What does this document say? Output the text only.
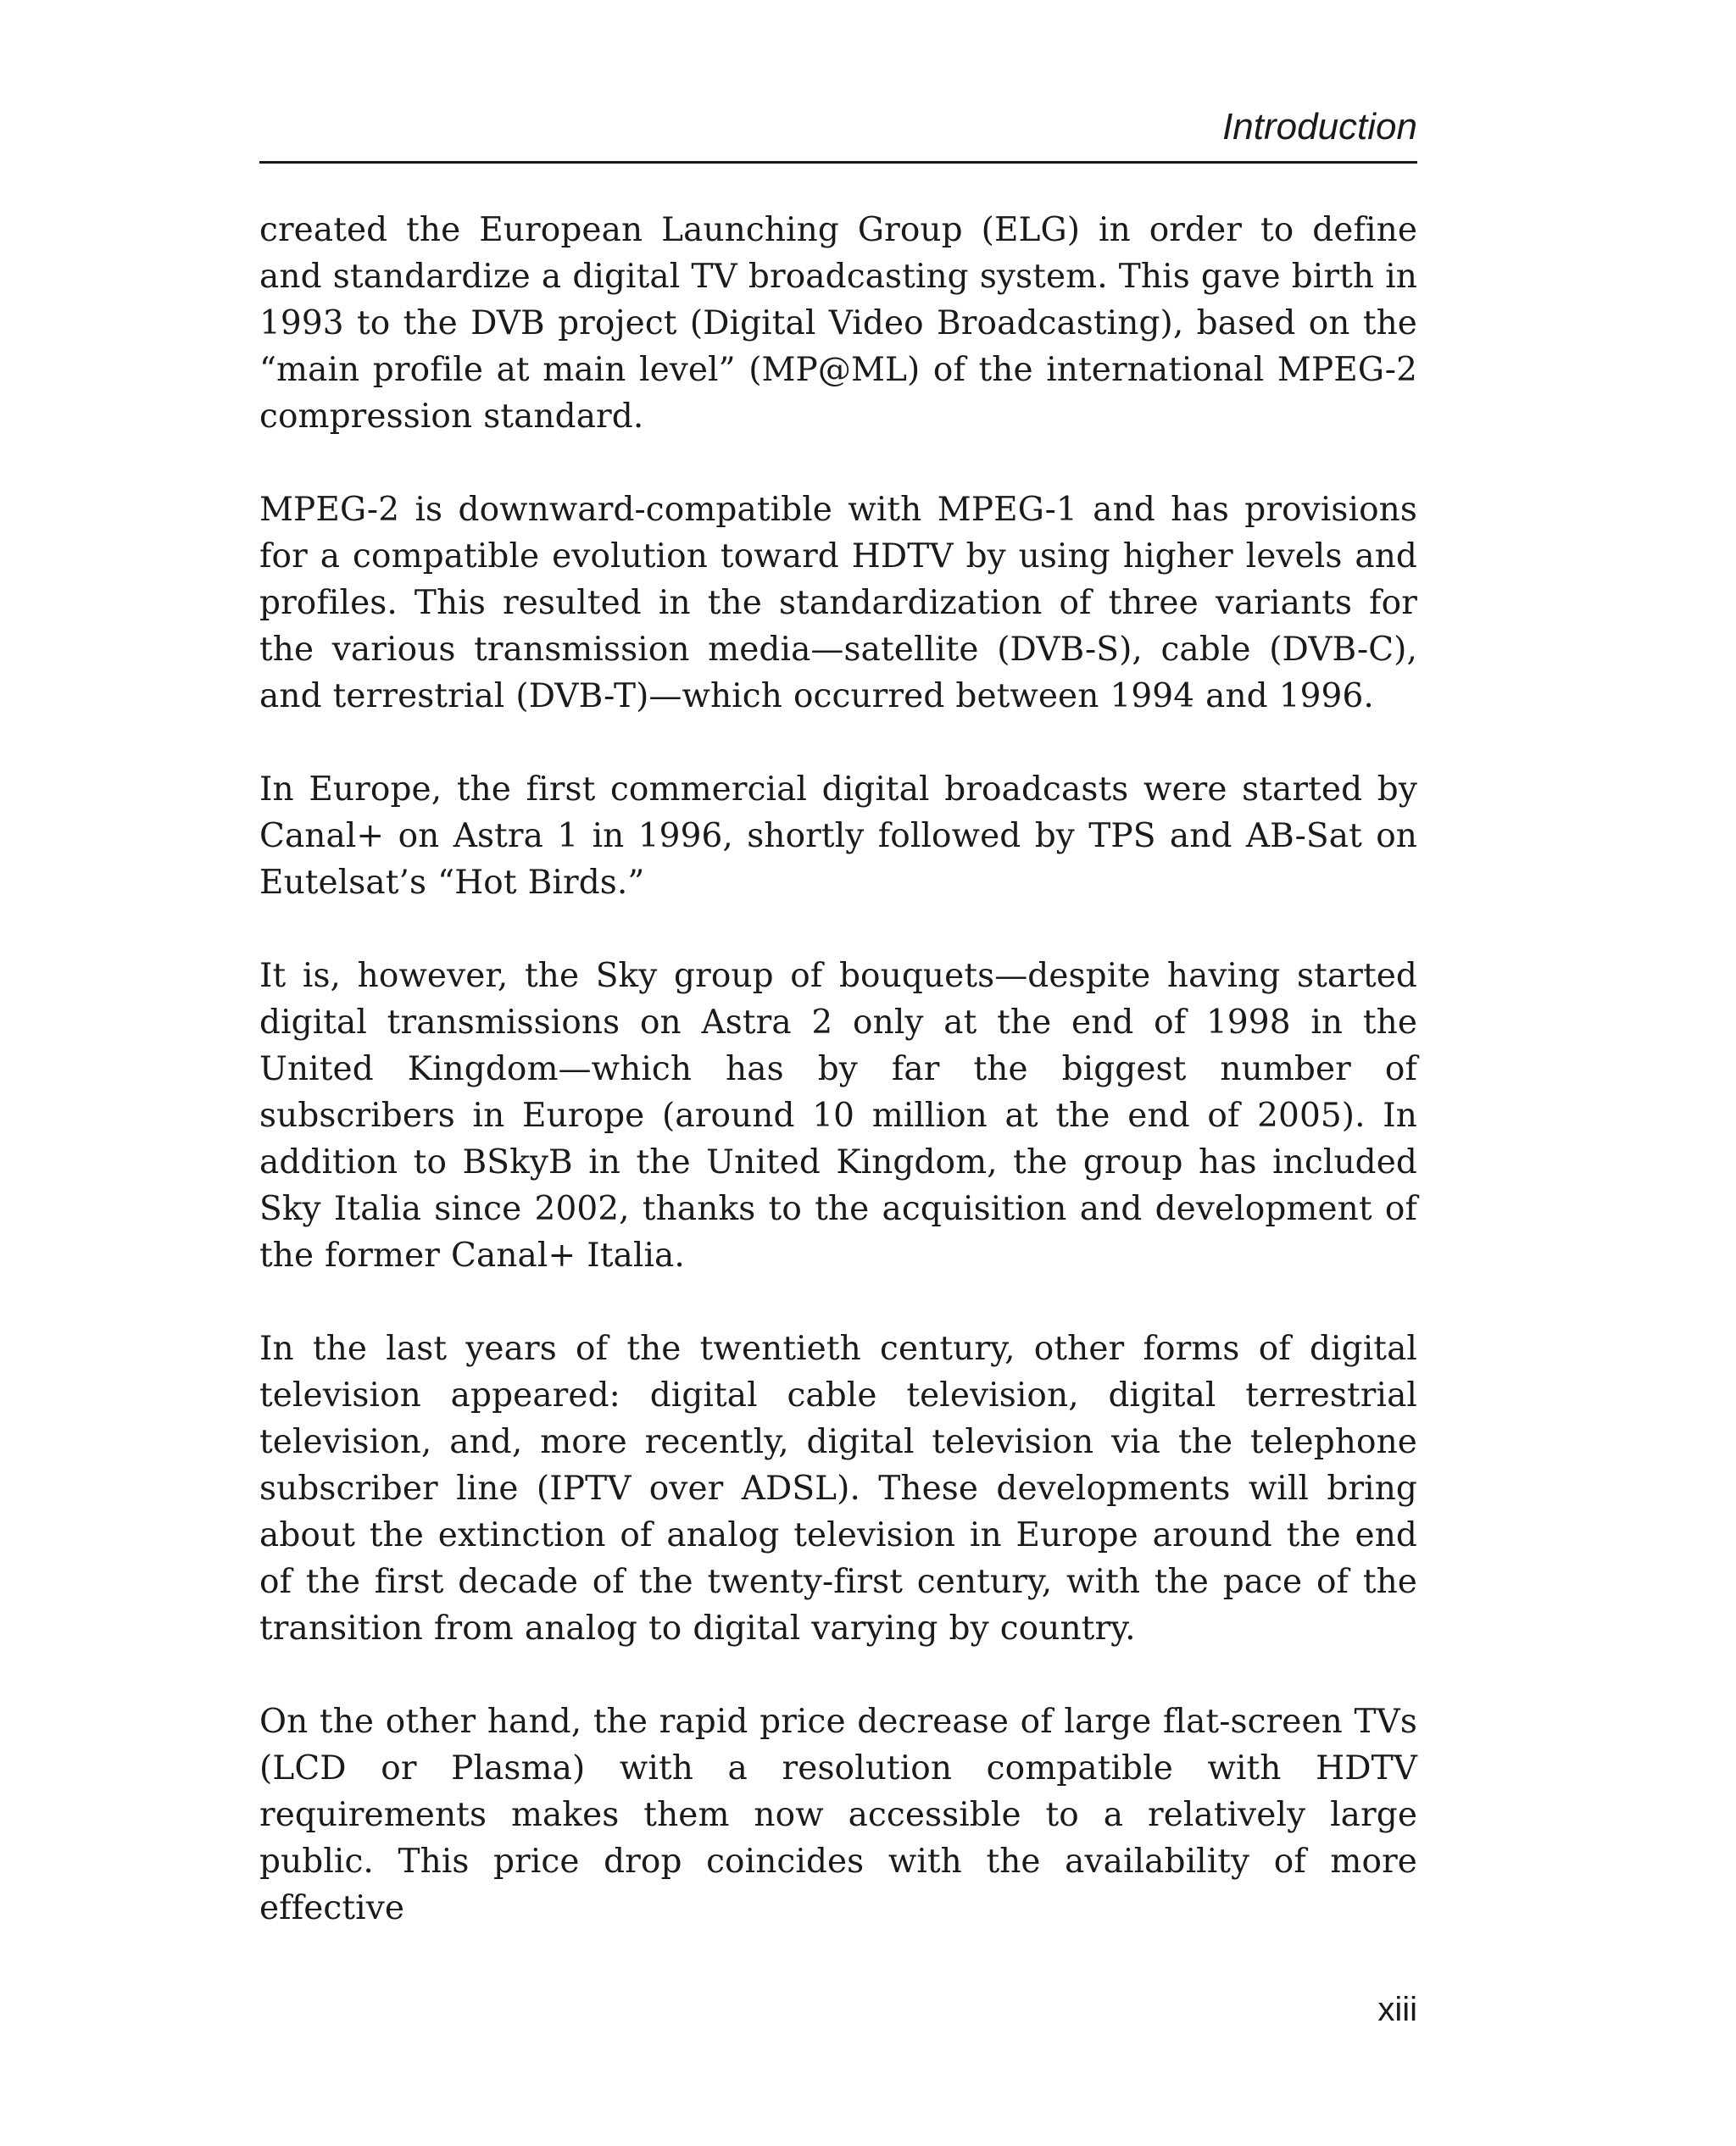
Introduction

created the European Launching Group (ELG) in order to define and standardize a digital TV broadcasting system. This gave birth in 1993 to the DVB project (Digital Video Broadcasting), based on the “main profile at main level” (MP@ML) of the international MPEG-2 compression standard.

MPEG-2 is downward-compatible with MPEG-1 and has provisions for a compatible evolution toward HDTV by using higher levels and profiles. This resulted in the standardization of three variants for the various transmission media—satellite (DVB-S), cable (DVB-C), and terrestrial (DVB-T)—which occurred between 1994 and 1996.

In Europe, the first commercial digital broadcasts were started by Canal+ on Astra 1 in 1996, shortly followed by TPS and AB-Sat on Eutelsat’s “Hot Birds.”

It is, however, the Sky group of bouquets—despite having started digital transmissions on Astra 2 only at the end of 1998 in the United Kingdom—which has by far the biggest number of subscribers in Europe (around 10 million at the end of 2005). In addition to BSkyB in the United Kingdom, the group has included Sky Italia since 2002, thanks to the acquisition and development of the former Canal+ Italia.

In the last years of the twentieth century, other forms of digital television appeared: digital cable television, digital terrestrial television, and, more recently, digital television via the telephone subscriber line (IPTV over ADSL). These developments will bring about the extinction of analog television in Europe around the end of the first decade of the twenty-first century, with the pace of the transition from analog to digital varying by country.

On the other hand, the rapid price decrease of large flat-screen TVs (LCD or Plasma) with a resolution compatible with HDTV requirements makes them now accessible to a relatively large public. This price drop coincides with the availability of more effective

xiii
